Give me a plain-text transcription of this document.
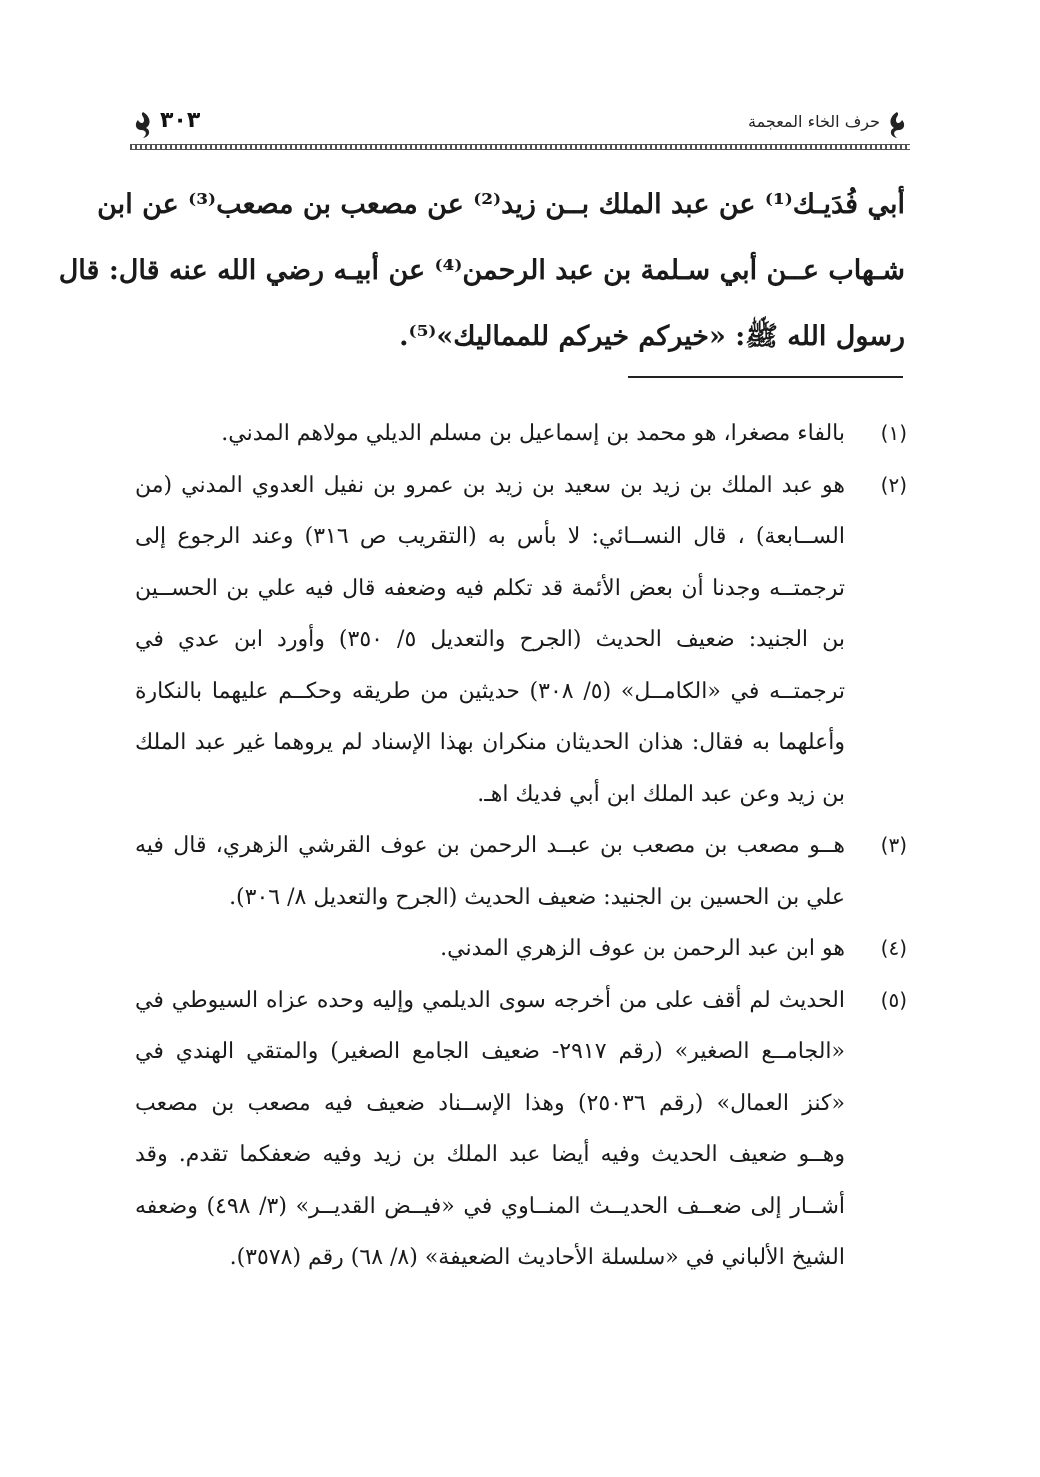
حرف الخاء المعجمة
٣٠٣
أبي فُدَيـك⁽¹⁾ عن عبد الملك بــن زيد⁽²⁾ عن مصعب بن مصعب⁽³⁾ عن ابن
شـهاب عــن أبي سـلمة بن عبد الرحمن⁽⁴⁾ عن أبيـه رضي الله عنه قال: قال
رسول الله ﷺ: «خيركم خيركم للمماليك»⁽⁵⁾.
(١)
بالفاء مصغرا، هو محمد بن إسماعيل بن مسلم الديلي مولاهم المدني.
(٢)
هو عبد الملك بن زيد بن سعيد بن زيد بن عمرو بن نفيل العدوي المدني (من
الســابعة) ، قال النســائي: لا بأس به (التقريب ص ٣١٦) وعند الرجوع إلى
ترجمتــه وجدنا أن بعض الأئمة قد تكلم فيه وضعفه قال فيه علي بن الحســين
بن الجنيد: ضعيف الحديث (الجرح والتعديل ٥/ ٣٥٠) وأورد ابن عدي في
ترجمتــه في «الكامــل» (٥/ ٣٠٨) حديثين من طريقه وحكــم عليهما بالنكارة
وأعلهما به فقال: هذان الحديثان منكران بهذا الإسناد لم يروهما غير عبد الملك
بن زيد وعن عبد الملك ابن أبي فديك اهـ.
(٣)
هــو مصعب بن مصعب بن عبــد الرحمن بن عوف القرشي الزهري، قال فيه
علي بن الحسين بن الجنيد: ضعيف الحديث (الجرح والتعديل ٨/ ٣٠٦).
(٤)
هو ابن عبد الرحمن بن عوف الزهري المدني.
(٥)
الحديث لم أقف على من أخرجه سوى الديلمي وإليه وحده عزاه السيوطي في
«الجامــع الصغير» (رقم ٢٩١٧- ضعيف الجامع الصغير) والمتقي الهندي في
«كنز العمال» (رقم ٢٥٠٣٦) وهذا الإســناد ضعيف فيه مصعب بن مصعب
وهــو ضعيف الحديث وفيه أيضا عبد الملك بن زيد وفيه ضعفكما تقدم. وقد
أشــار إلى ضعــف الحديــث المنــاوي في «فيــض القديــر» (٣/ ٤٩٨) وضعفه
الشيخ الألباني في «سلسلة الأحاديث الضعيفة» (٨/ ٦٨) رقم (٣٥٧٨).
